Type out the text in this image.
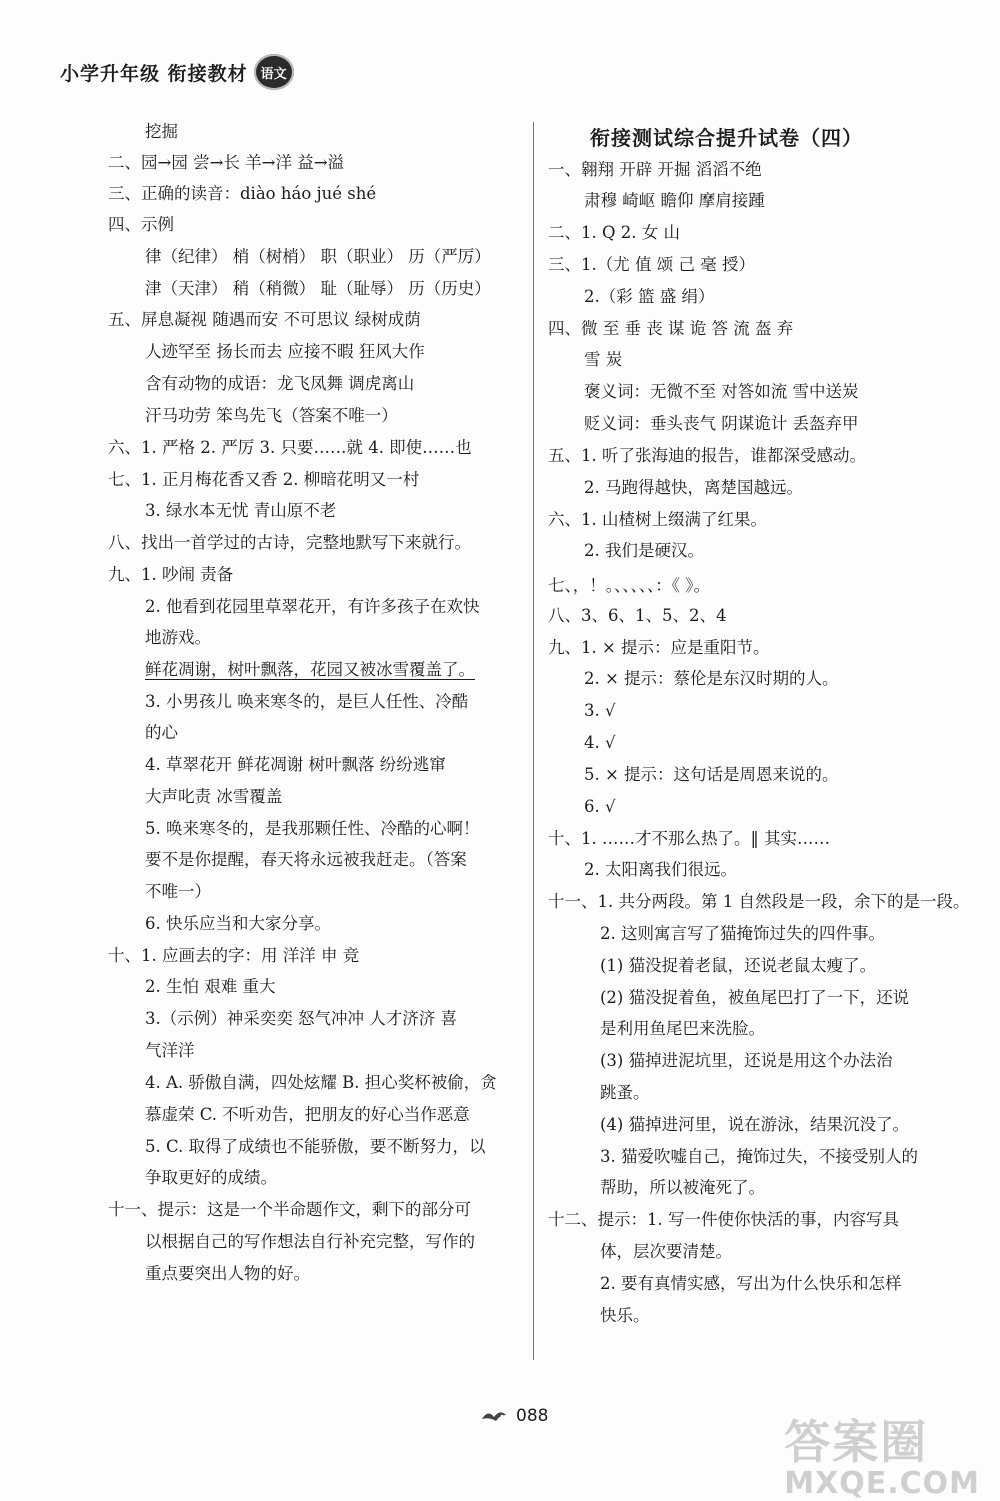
小学升年级 衔接教材 语文
挖掘
二、园→园 尝→长 羊→洋 益→溢
三、正确的读音：diào háo jué shé
四、示例
律（纪律） 梢（树梢） 职（职业） 历（严厉）
津（天津） 稍（稍微） 耻（耻辱） 历（历史）
五、屏息凝视 随遇而安 不可思议 绿树成荫
人迹罕至 扬长而去 应接不暇 狂风大作
含有动物的成语：龙飞凤舞 调虎离山
汗马功劳 笨鸟先飞（答案不唯一）
六、1. 严格 2. 严厉 3. 只要……就 4. 即使……也
七、1. 正月梅花香又香 2. 柳暗花明又一村
3. 绿水本无忧 青山原不老
八、找出一首学过的古诗，完整地默写下来就行。
九、1. 吵闹 责备
2. 他看到花园里草翠花开，有许多孩子在欢快
地游戏。
鲜花凋谢，树叶飘落，花园又被冰雪覆盖了。
3. 小男孩儿 唤来寒冬的，是巨人任性、冷酷
的心
4. 草翠花开 鲜花凋谢 树叶飘落 纷纷逃窜
大声叱责 冰雪覆盖
5. 唤来寒冬的，是我那颗任性、冷酷的心啊！
要不是你提醒，春天将永远被我赶走。（答案
不唯一）
6. 快乐应当和大家分享。
十、1. 应画去的字：用 洋洋 申 竞
2. 生怕 艰难 重大
3.（示例）神采奕奕 怒气冲冲 人才济济 喜
气洋洋
4. A. 骄傲自满，四处炫耀 B. 担心奖杯被偷，贪
慕虚荣 C. 不听劝告，把朋友的好心当作恶意
5. C. 取得了成绩也不能骄傲，要不断努力，以
争取更好的成绩。
十一、提示：这是一个半命题作文，剩下的部分可
以根据自己的写作想法自行补充完整，写作的
重点要突出人物的好。
衔接测试综合提升试卷（四）
一、翱翔 开辟 开掘 滔滔不绝
肃穆 崎岖 瞻仰 摩肩接踵
二、1. Q 2. 女 山
三、1.（尤 值 颂 己 毫 授）
2.（彩 篮 盛 绢）
四、微 至 垂 丧 谋 诡 答 流 盔 弃
雪 炭
褒义词：无微不至 对答如流 雪中送炭
贬义词：垂头丧气 阴谋诡计 丢盔弃甲
五、1. 听了张海迪的报告，谁都深受感动。
2. 马跑得越快，离楚国越远。
六、1. 山楂树上缀满了红果。
2. 我们是硬汉。
七、，！。、、、、、：《 》。
八、3、6、1、5、2、4
九、1. × 提示：应是重阳节。
2. × 提示：蔡伦是东汉时期的人。
3. √
4. √
5. × 提示：这句话是周恩来说的。
6. √
十、1. ……才不那么热了。‖ 其实……
2. 太阳离我们很远。
十一、1. 共分两段。第 1 自然段是一段，余下的是一段。
2. 这则寓言写了猫掩饰过失的四件事。
(1) 猫没捉着老鼠，还说老鼠太瘦了。
(2) 猫没捉着鱼，被鱼尾巴打了一下，还说
是利用鱼尾巴来洗脸。
(3) 猫掉进泥坑里，还说是用这个办法治
跳蚤。
(4) 猫掉进河里，说在游泳，结果沉没了。
3. 猫爱吹嘘自己，掩饰过失，不接受别人的
帮助，所以被淹死了。
十二、提示：1. 写一件使你快活的事，内容写具
体，层次要清楚。
2. 要有真情实感，写出为什么快乐和怎样
快乐。
088	答案圈
MXQE.COM
